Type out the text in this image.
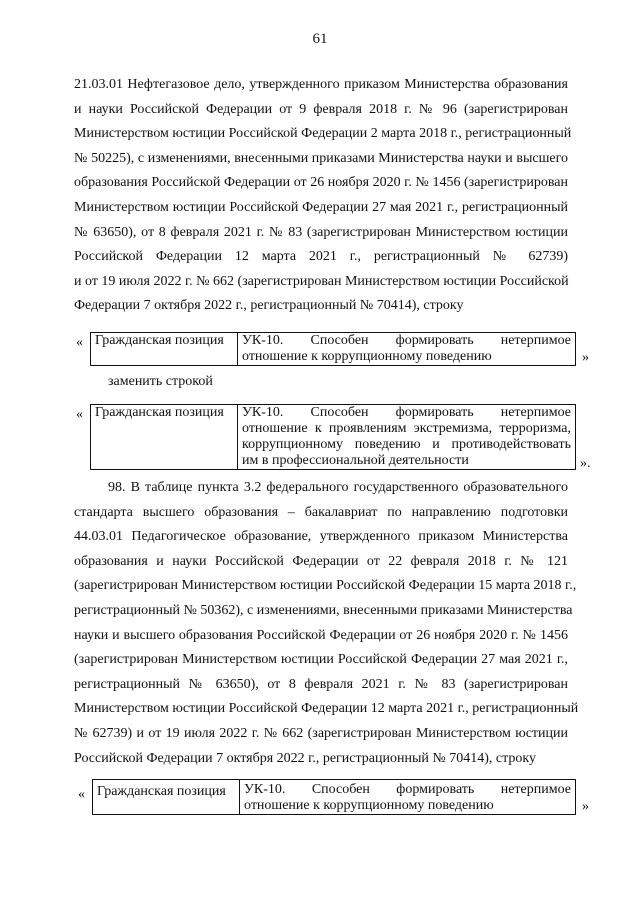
61
21.03.01 Нефтегазовое дело, утвержденного приказом Министерства образования
и науки Российской Федерации от 9 февраля 2018 г. № 96 (зарегистрирован
Министерством юстиции Российской Федерации 2 марта 2018 г., регистрационный
№ 50225), с изменениями, внесенными приказами Министерства науки и высшего
образования Российской Федерации от 26 ноября 2020 г. № 1456 (зарегистрирован
Министерством юстиции Российской Федерации 27 мая 2021 г., регистрационный
№ 63650), от 8 февраля 2021 г. № 83 (зарегистрирован Министерством юстиции
Российской Федерации 12 марта 2021 г., регистрационный № 62739)
и от 19 июля 2022 г. № 662 (зарегистрирован Министерством юстиции Российской
Федерации 7 октября 2022 г., регистрационный № 70414), строку
« Гражданская позиция	УК-10. Способен формировать нетерпимое
отношение к коррупционному поведению	»
заменить строкой
« Гражданская позиция	УК-10. Способен формировать нетерпимое
отношение к проявлениям экстремизма, терроризма,
коррупционному поведению и противодействовать
им в профессиональной деятельности	».
98. В таблице пункта 3.2 федерального государственного образовательного
стандарта высшего образования – бакалавриат по направлению подготовки
44.03.01 Педагогическое образование, утвержденного приказом Министерства
образования и науки Российской Федерации от 22 февраля 2018 г. № 121
(зарегистрирован Министерством юстиции Российской Федерации 15 марта 2018 г.,
регистрационный № 50362), с изменениями, внесенными приказами Министерства
науки и высшего образования Российской Федерации от 26 ноября 2020 г. № 1456
(зарегистрирован Министерством юстиции Российской Федерации 27 мая 2021 г.,
регистрационный № 63650), от 8 февраля 2021 г. № 83 (зарегистрирован
Министерством юстиции Российской Федерации 12 марта 2021 г., регистрационный
№ 62739) и от 19 июля 2022 г. № 662 (зарегистрирован Министерством юстиции
Российской Федерации 7 октября 2022 г., регистрационный № 70414), строку
« Гражданская позиция	УК-10. Способен формировать нетерпимое
отношение к коррупционному поведению	»
